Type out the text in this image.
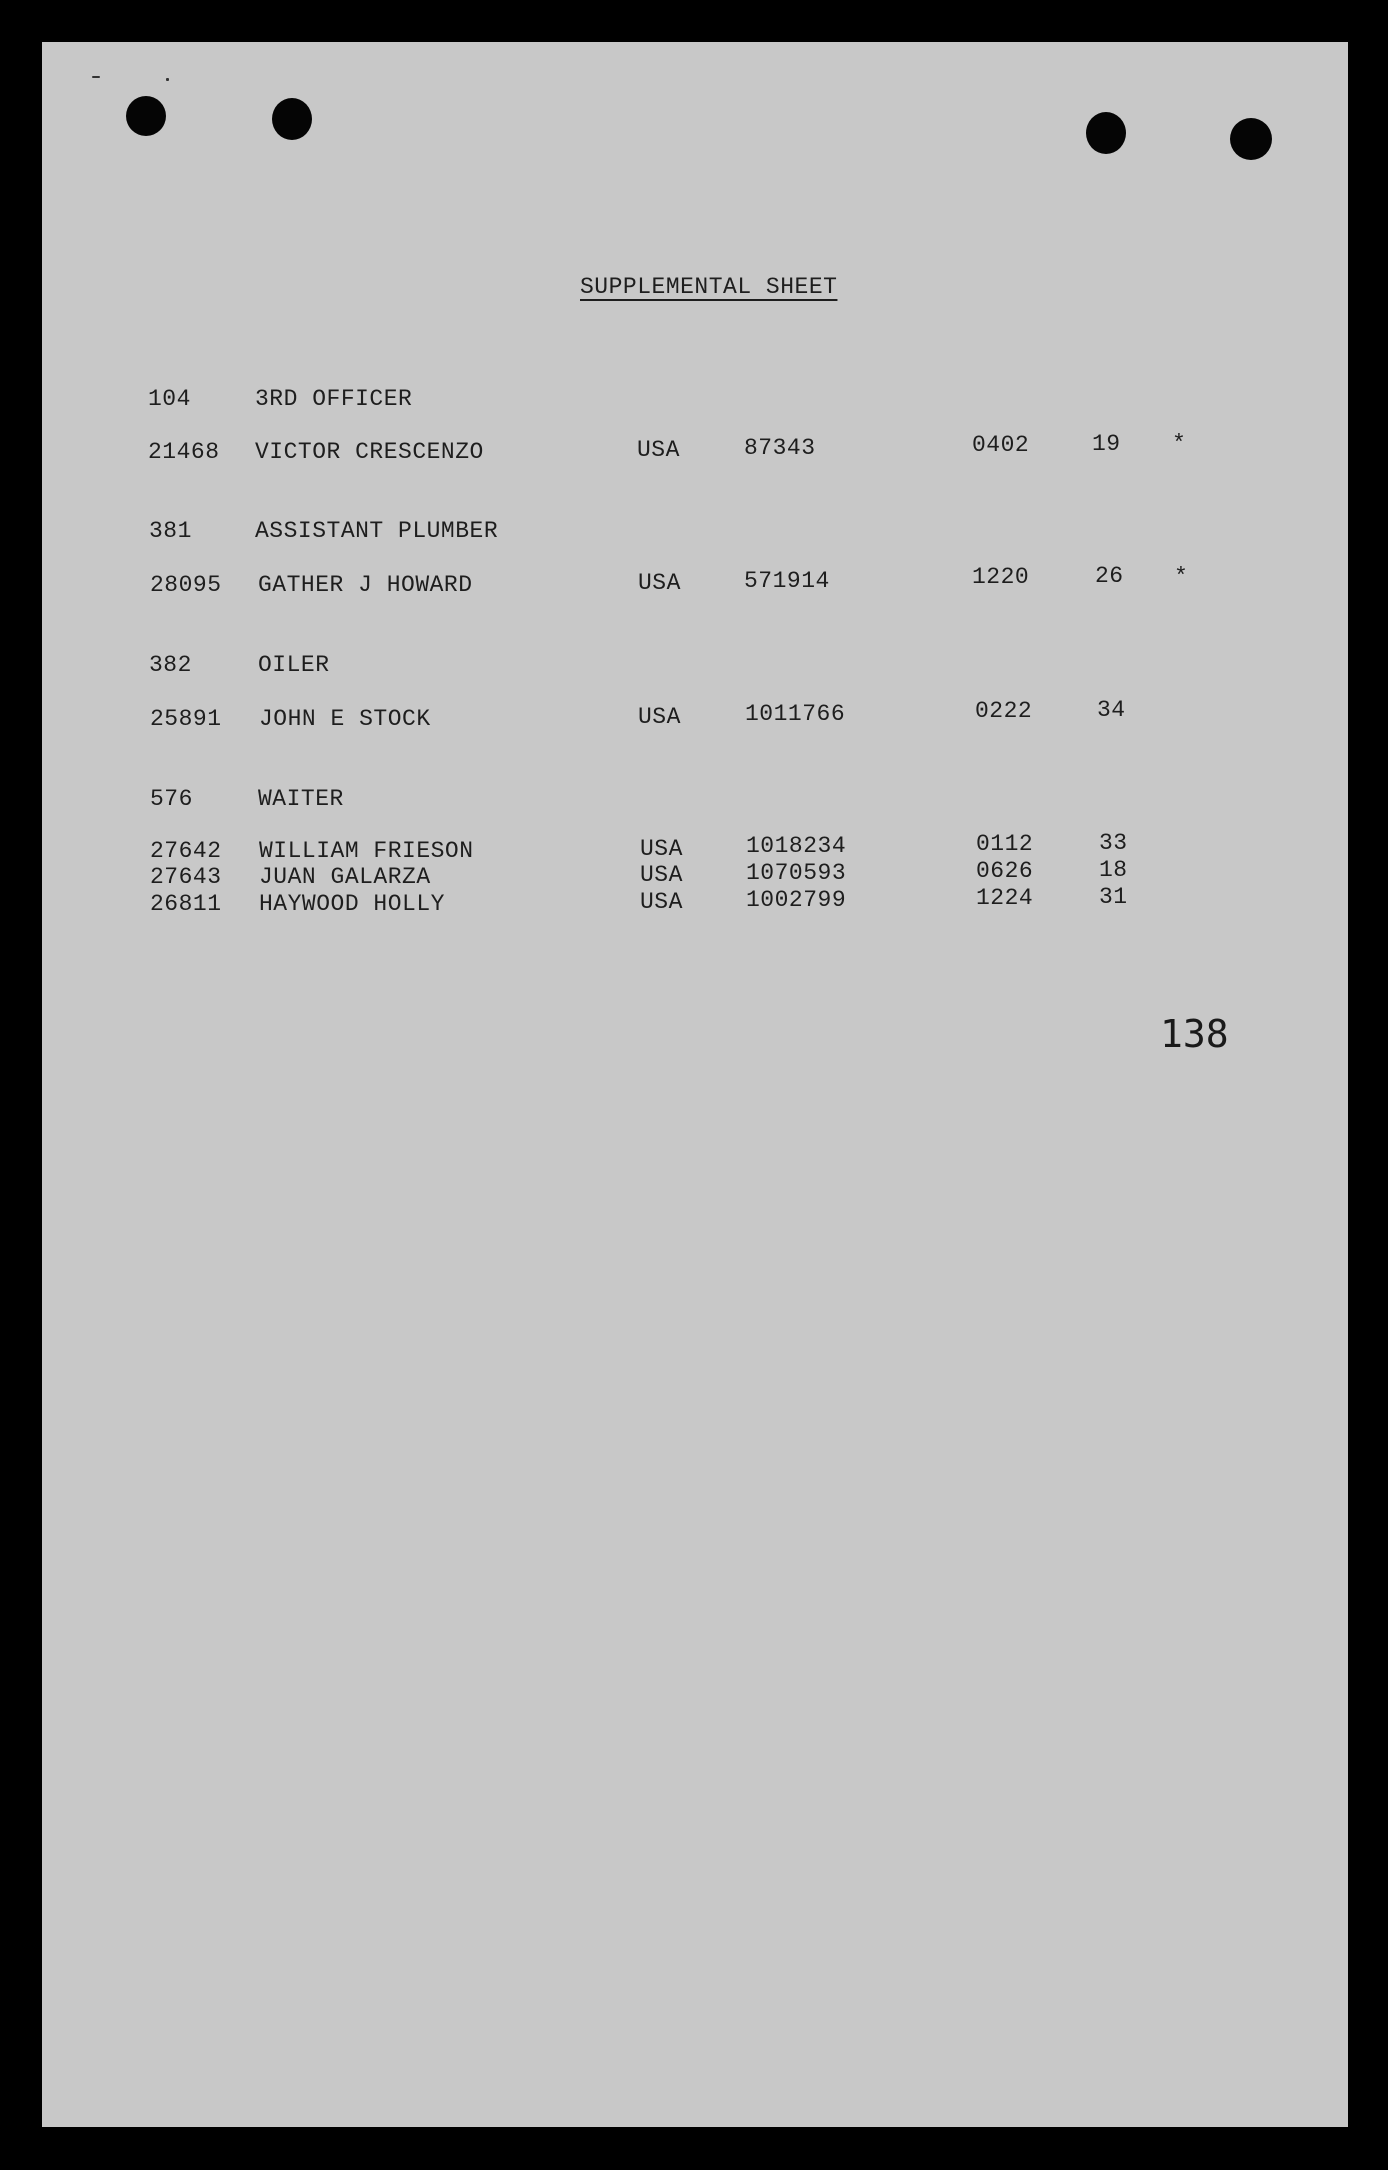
SUPPLEMENTAL SHEET
104	3RD OFFICER
21468 VICTOR CRESCENZO	USA	87343	0402	19 *
381	ASSISTANT PLUMBER
28095 GATHER J HOWARD	USA	571914	1220	26 *
382	OILER
25891 JOHN E STOCK	USA	1011766	0222	34
576	WAITER
27642 WILLIAM FRIESON	USA	1018234	0112	33
27643 JUAN GALARZA	USA	1070593	0626	18
26811 HAYWOOD HOLLY	USA	1002799	1224	31
138
